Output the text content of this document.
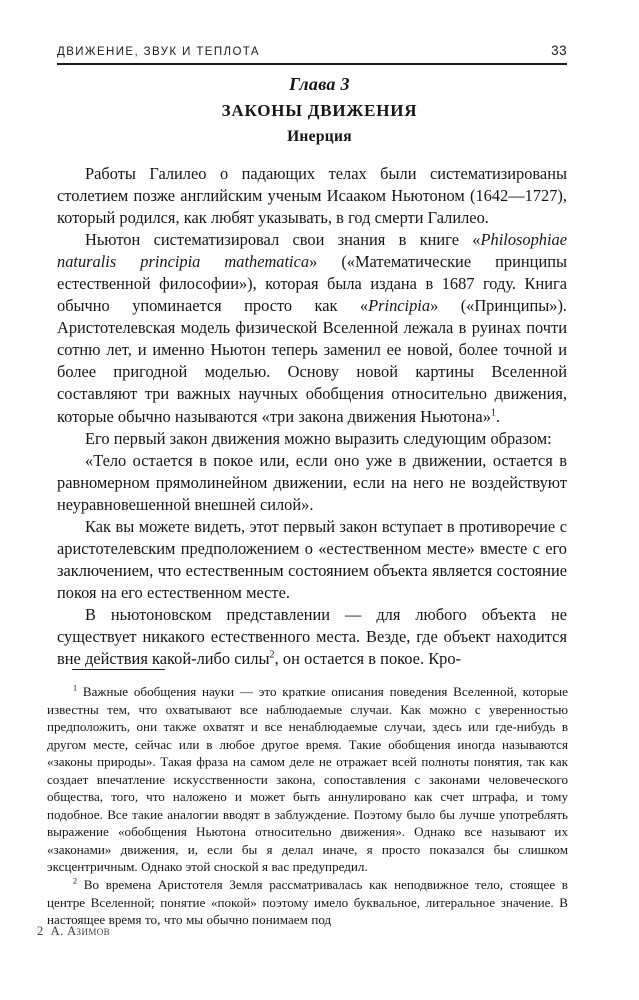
ДВИЖЕНИЕ, ЗВУК И ТЕПЛОТА	33
Глава 3
ЗАКОНЫ ДВИЖЕНИЯ
Инерция

Работы Галилео о падающих телах были систематизированы столетием позже английским ученым Исааком Ньютоном (1642—1727), который родился, как любят указывать, в год смерти Галилео.

Ньютон систематизировал свои знания в книге «Philosophiae naturalis principia mathematica» («Математические принципы естественной философии»), которая была издана в 1687 году. Книга обычно упоминается просто как «Principia» («Принципы»). Аристотелевская модель физической Вселенной лежала в руинах почти сотню лет, и именно Ньютон теперь заменил ее новой, более точной и более пригодной моделью. Основу новой картины Вселенной составляют три важных научных обобщения относительно движения, которые обычно называются «три закона движения Ньютона»$^1$.

Его первый закон движения можно выразить следующим образом:

«Тело остается в покое или, если оно уже в движении, остается в равномерном прямолинейном движении, если на него не воздействуют неуравновешенной внешней силой».

Как вы можете видеть, этот первый закон вступает в противоречие с аристотелевским предположением о «естественном месте» вместе с его заключением, что естественным состоянием объекта является состояние покоя на его естественном месте.

В ньютоновском представлении — для любого объекта не существует никакого естественного места. Везде, где объект находится вне действия какой-либо силы$^2$, он остается в покое. Кро-

$^1$ Важные обобщения науки — это краткие описания поведения Вселенной, которые известны тем, что охватывают все наблюдаемые случаи. Как можно с уверенностью предположить, они также охватят и все ненаблюдаемые случаи, здесь или где-нибудь в другом месте, сейчас или в любое другое время. Такие обобщения иногда называются «законы природы». Такая фраза на самом деле не отражает всей полноты понятия, так как создает впечатление искусственности закона, сопоставления с законами человеческого общества, того, что наложено и может быть аннулировано как счет штрафа, и тому подобное. Все такие аналогии вводят в заблуждение. Поэтому было бы лучше употреблять выражение «обобщения Ньютона относительно движения». Однако все называют их «законами» движения, и, если бы я делал иначе, я просто показался бы слишком эксцентричным. Однако этой сноской я вас предупредил.

$^2$ Во времена Аристотеля Земля рассматривалась как неподвижное тело, стоящее в центре Вселенной; понятие «покой» поэтому имело буквальное, литеральное значение. В настоящее время то, что мы обычно понимаем под

2 А. Азимов
